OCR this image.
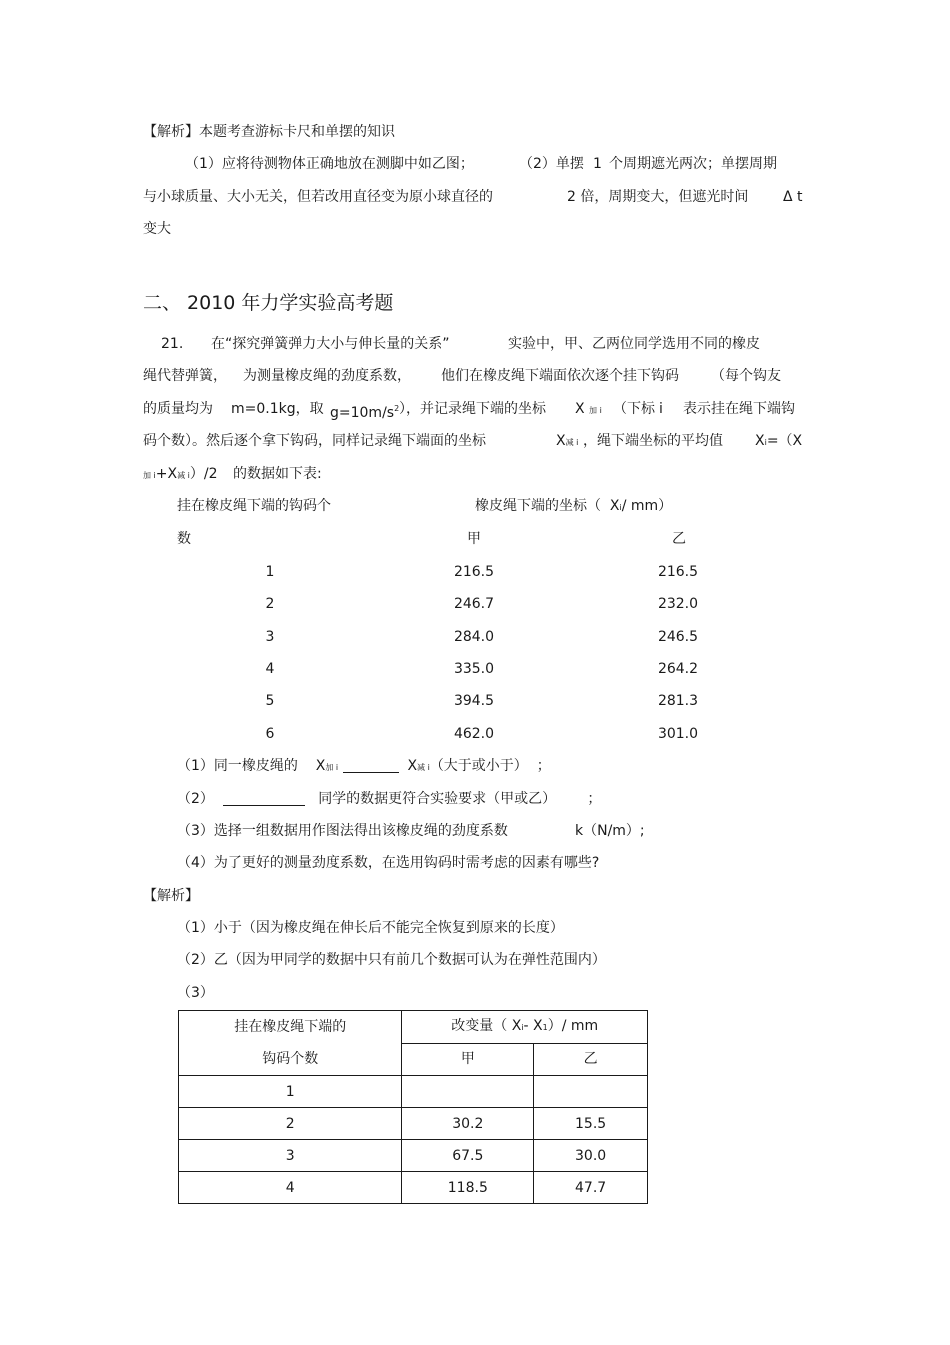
【解析】本题考查游标卡尺和单摆的知识
（1）应将待测物体正确地放在测脚中如乙图；	（2）单摆 1 个周期遮光两次；单摆周期
与小球质量、大小无关，但若改用直径变为原小球直径的	2 倍，周期变大，但遮光时间 Δ t
变大
二、 2010 年力学实验高考题
21. 在“探究弹簧弹力大小与伸长量的关系”	实验中，甲、乙两位同学选用不同的橡皮
绳代替弹簧， 为测量橡皮绳的劲度系数， 他们在橡皮绳下端面依次逐个挂下钩码 （每个钩友
的质量均为 m=0.1kg，取 $g=10m/s^2$ ），并记录绳下端的坐标 X 加 i （下标 i 表示挂在绳下端钩
码个数）。然后逐个拿下钩码，同样记录绳下端面的坐标	X减 i ，绳下端坐标的平均值 Xi=（X
加 i+X减 i）/2 的数据如下表:
挂在橡皮绳下端的钩码个
数
橡皮绳下端的坐标（ Xi/ mm）
甲	乙
1	216.5	216.5
2	246.7	232.0
3	284.0	246.5
4	335.0	264.2
5	394.5	281.3
6	462.0	301.0
（1）同一橡皮绳的 X加 i	X减 i（大于或小于） ；
（2）	同学的数据更符合实验要求（甲或乙） ；
（3）选择一组数据用作图法得出该橡皮绳的劲度系数	k（N/m）;
（4）为了更好的测量劲度系数，在选用钩码时需考虑的因素有哪些?
【解析】
（1）小于（因为橡皮绳在伸长后不能完全恢复到原来的长度）
（2）乙（因为甲同学的数据中只有前几个数据可认为在弹性范围内）
（3）
挂在橡皮绳下端的
钩码个数	改变量（ Xi- X1）/ mm	
	甲	乙
1		
2	30.2	15.5
3	67.5	30.0
4	118.5	47.7
